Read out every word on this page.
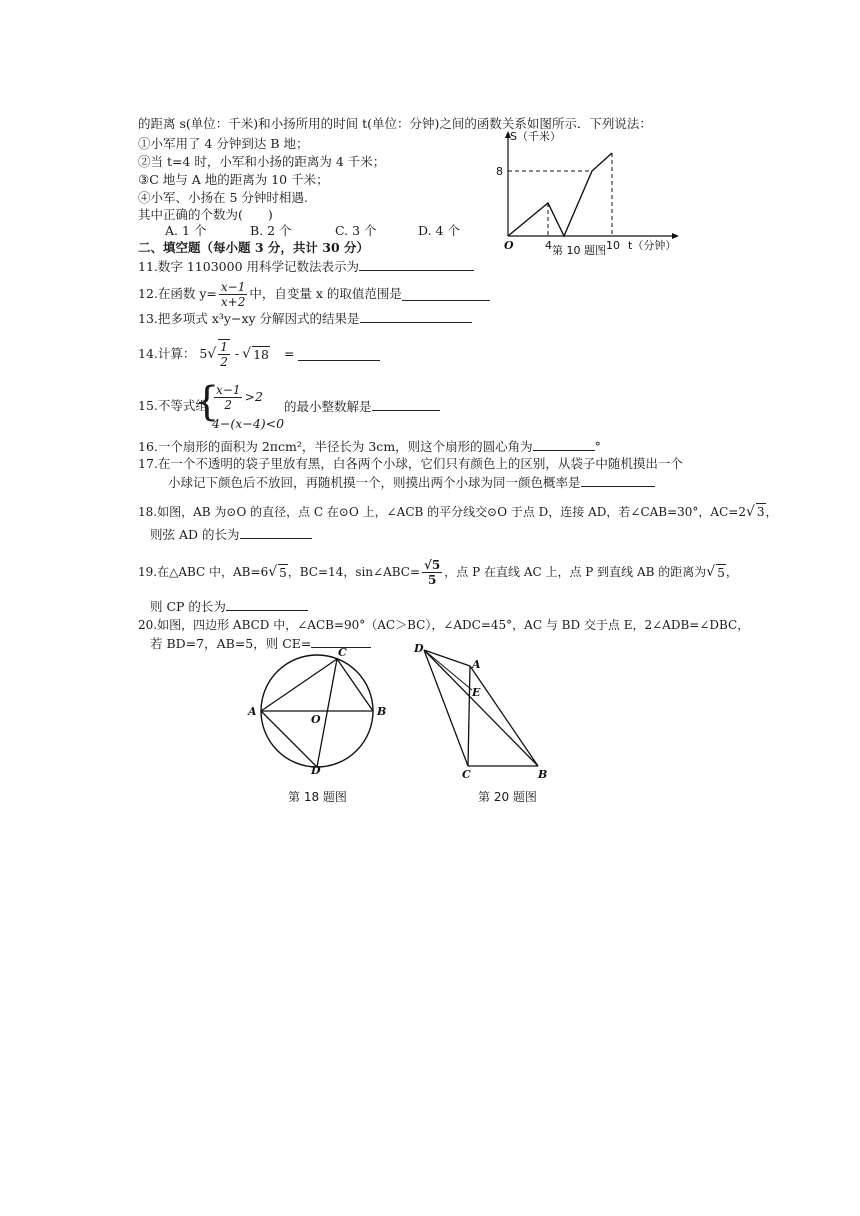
的距离 s(单位：千米)和小扬所用的时间 t(单位：分钟)之间的函数关系如图所示．下列说法：
①小军用了 4 分钟到达 B 地；
②当 t=4 时，小军和小扬的距离为 4 千米；
③C 地与 A 地的距离为 10 千米；
④小军、小扬在 5 分钟时相遇.
其中正确的个数为(　　)
A. 1 个	B. 2 个	C. 3 个	D. 4 个
S（千米）
8
O	4	10 t（分钟）
第 10 题图
二、填空题（每小题 3 分，共计 30 分）
11.数字 1103000 用科学记数法表示为
12.在函数 $y= \frac{x-1}{x+2}$ 中，自变量 x 的取值范围是
13.把多项式 x³y−xy 分解因式的结果是
14.计算： 5 √ $\frac{1}{2}$ - √ 18 =
15.不等式组
{
$\frac{x-1}{2} >2$
4−(x−4)<0
的最小整数解是
16.一个扇形的面积为 2πcm²，半径长为 3cm，则这个扇形的圆心角为	°
17.在一个不透明的袋子里放有黑，白各两个小球，它们只有颜色上的区别，从袋子中随机摸出一个
小球记下颜色后不放回，再随机摸一个，则摸出两个小球为同一颜色概率是
18.如图，AB 为⊙O 的直径，点 C 在⊙O 上，∠ACB 的平分线交⊙O 于点 D，连接 AD，若∠CAB=30°，AC=2√ 3，
则弦 AD 的长为
19.在△ABC 中，AB= 6 √ 5 ，BC=14，sin∠ABC= $\frac{√5}{5}$ ，点 P 在直线 AC 上，点 P 到直线 AB 的距离为 √ 5 ，
则 CP 的长为
20.如图，四边形 ABCD 中，∠ACB=90°（AC＞BC），∠ADC=45°，AC 与 BD 交于点 E，2∠ADB=∠DBC，
若 BD=7，AB=5，则 CE=
A	B
C
D
O
第 18 题图
D
A
E
C	B
第 20 题图
